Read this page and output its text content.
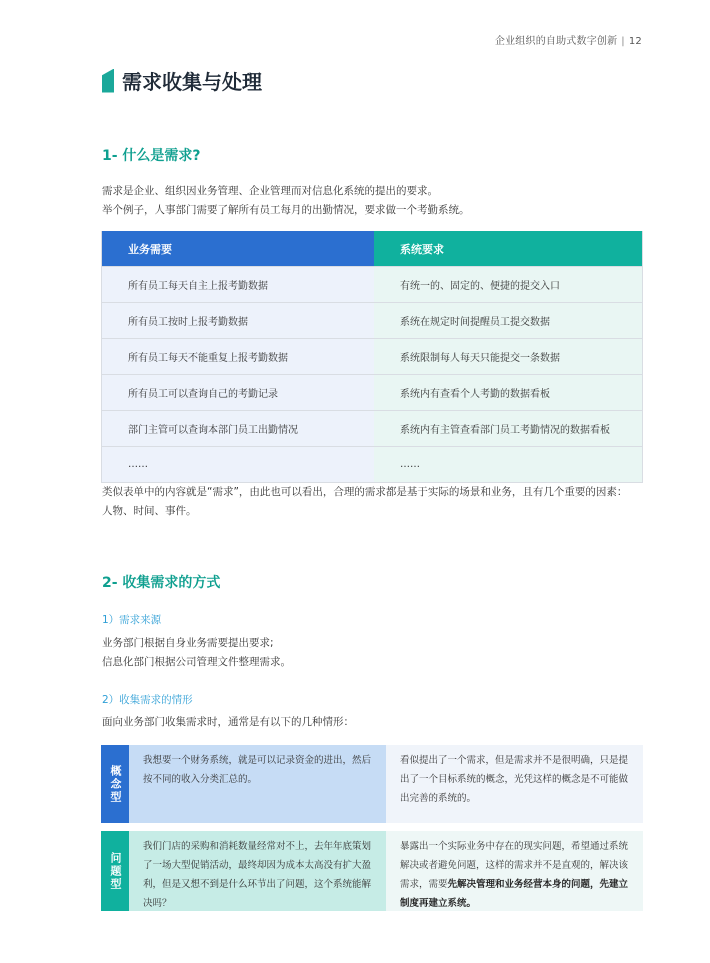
企业组织的自助式数字创新 | 12
需求收集与处理
1- 什么是需求?

需求是企业、组织因业务管理、企业管理而对信息化系统的提出的要求。
举个例子，人事部门需要了解所有员工每月的出勤情况，要求做一个考勤系统。

业务需要	系统要求
所有员工每天自主上报考勤数据	有统一的、固定的、便捷的提交入口
所有员工按时上报考勤数据	系统在规定时间提醒员工提交数据
所有员工每天不能重复上报考勤数据	系统限制每人每天只能提交一条数据
所有员工可以查询自己的考勤记录	系统内有查看个人考勤的数据看板
部门主管可以查询本部门员工出勤情况	系统内有主管查看部门员工考勤情况的数据看板
……	……

类似表单中的内容就是“需求”，由此也可以看出，合理的需求都是基于实际的场景和业务，且有几个重要的因素：
人物、时间、事件。

2- 收集需求的方式
1）需求来源

业务部门根据自身业务需要提出要求;
信息化部门根据公司管理文件整理需求。

2）收集需求的情形

面向业务部门收集需求时，通常是有以下的几种情形：

概念型
我想要一个财务系统，就是可以记录资金的进出，然后按不同的收入分类汇总的。
看似提出了一个需求，但是需求并不是很明确，只是提出了一个目标系统的概念，光凭这样的概念是不可能做出完善的系统的。
问题型
我们门店的采购和消耗数量经常对不上，去年年底策划了一场大型促销活动，最终却因为成本太高没有扩大盈利，但是又想不到是什么环节出了问题，这个系统能解决吗？
暴露出一个实际业务中存在的现实问题，希望通过系统解决或者避免问题，这样的需求并不是直观的，解决该需求，需要先解决管理和业务经营本身的问题，先建立制度再建立系统。
